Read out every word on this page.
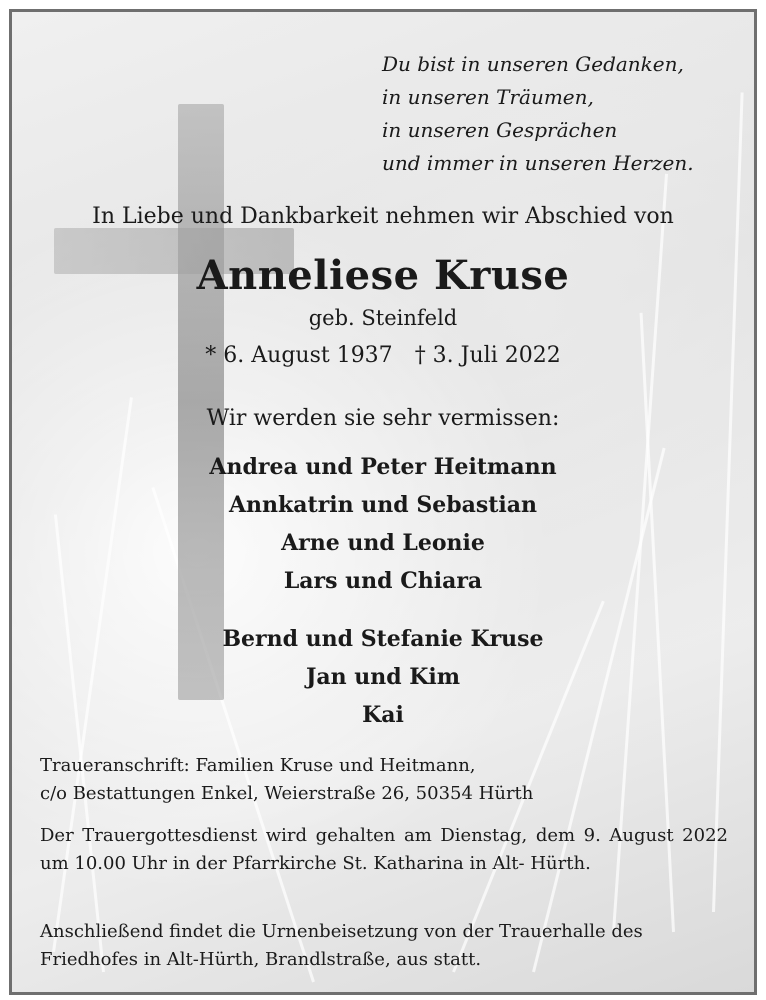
Du bist in unseren Gedanken,
in unseren Träumen,
in unseren Gesprächen
und immer in unseren Herzen.
In Liebe und Dankbarkeit nehmen wir Abschied von
Anneliese Kruse
geb. Steinfeld
* 6. August 1937 † 3. Juli 2022
Wir werden sie sehr vermissen:
Andrea und Peter Heitmann
Annkatrin und Sebastian
Arne und Leonie
Lars und Chiara
Bernd und Stefanie Kruse
Jan und Kim
Kai
Traueranschrift: Familien Kruse und Heitmann,
c/o Bestattungen Enkel, Weierstraße 26, 50354 Hürth
Der Trauergottesdienst wird gehalten am Dienstag, dem 9. August 2022 um 10.00 Uhr in der Pfarrkirche St. Katharina in Alt- Hürth.
Anschließend findet die Urnenbeisetzung von der Trauerhalle des Friedhofes in Alt-Hürth, Brandlstraße, aus statt.
